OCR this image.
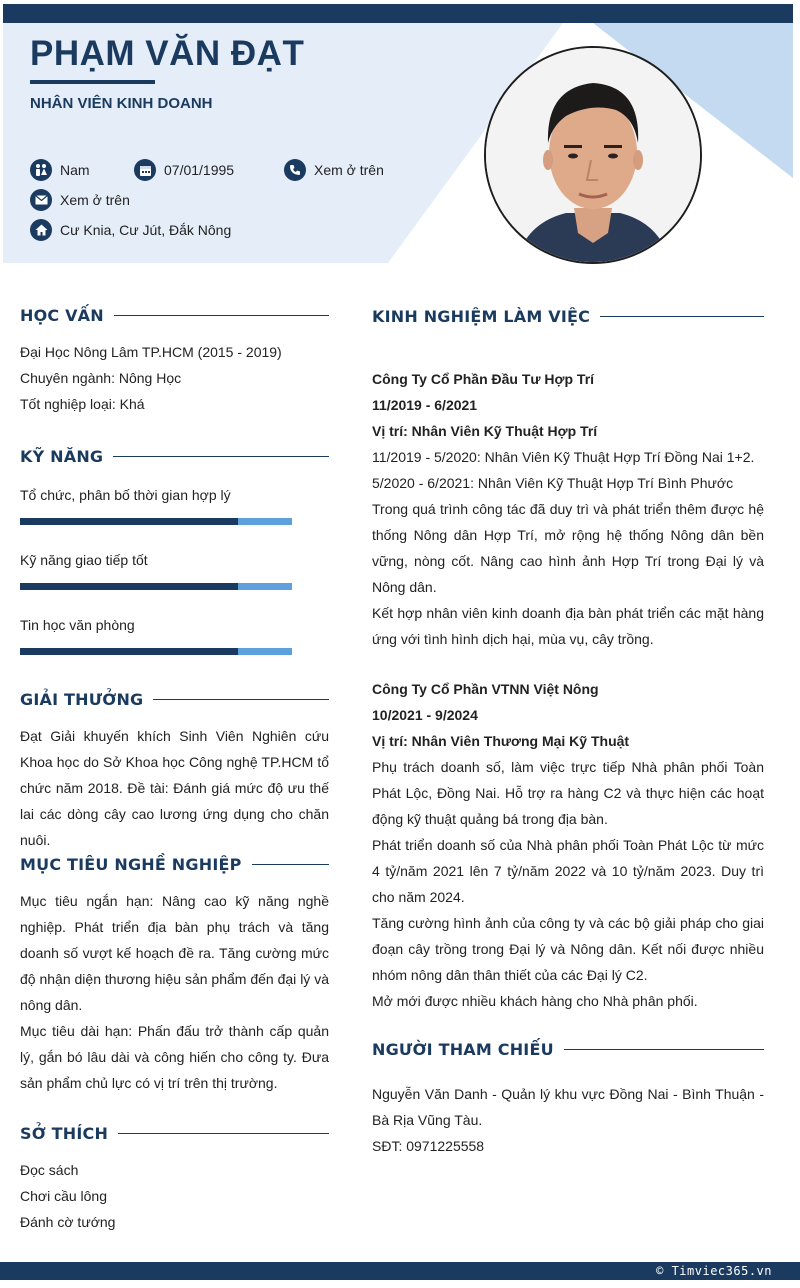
PHẠM VĂN ĐẠT
NHÂN VIÊN KINH DOANH
Nam	07/01/1995	Xem ở trên
Xem ở trên
Cư Knia, Cư Jút, Đắk Nông
HỌC VẤN

Đại Học Nông Lâm TP.HCM (2015 - 2019)

Chuyên ngành: Nông Học

Tốt nghiệp loại: Khá

KỸ NĂNG
Tổ chức, phân bố thời gian hợp lý
Kỹ năng giao tiếp tốt
Tin học văn phòng
GIẢI THƯỞNG
Đạt Giải khuyến khích Sinh Viên Nghiên cứu Khoa học do Sở Khoa học Công nghệ TP.HCM tổ chức năm 2018. Đề tài: Đánh giá mức độ ưu thế lai các dòng cây cao lương ứng dụng cho chăn nuôi.
MỤC TIÊU NGHỀ NGHIỆP

Mục tiêu ngắn hạn: Nâng cao kỹ năng nghề nghiệp. Phát triển địa bàn phụ trách và tăng doanh số vượt kế hoạch đề ra. Tăng cường mức độ nhận diện thương hiệu sản phẩm đến đại lý và nông dân.

Mục tiêu dài hạn: Phấn đấu trở thành cấp quản lý, gắn bó lâu dài và công hiến cho công ty. Đưa sản phẩm chủ lực có vị trí trên thị trường.

SỞ THÍCH

Đọc sách

Chơi cầu lông

Đánh cờ tướng

KINH NGHIỆM LÀM VIỆC

Công Ty Cổ Phần Đầu Tư Hợp Trí

11/2019 - 6/2021

Vị trí: Nhân Viên Kỹ Thuật Hợp Trí

11/2019 - 5/2020: Nhân Viên Kỹ Thuật Hợp Trí Đồng Nai 1+2.

5/2020 - 6/2021: Nhân Viên Kỹ Thuật Hợp Trí Bình Phước

Trong quá trình công tác đã duy trì và phát triển thêm được hệ thống Nông dân Hợp Trí, mở rộng hệ thống Nông dân bền vững, nòng cốt. Nâng cao hình ảnh Hợp Trí trong Đại lý và Nông dân.

Kết hợp nhân viên kinh doanh địa bàn phát triển các mặt hàng ứng với tình hình dịch hại, mùa vụ, cây trồng.

Công Ty Cổ Phần VTNN Việt Nông

10/2021 - 9/2024

Vị trí: Nhân Viên Thương Mại Kỹ Thuật

Phụ trách doanh số, làm việc trực tiếp Nhà phân phối Toàn Phát Lộc, Đồng Nai. Hỗ trợ ra hàng C2 và thực hiện các hoạt động kỹ thuật quảng bá trong địa bàn.

Phát triển doanh số của Nhà phân phối Toàn Phát Lộc từ mức 4 tỷ/năm 2021 lên 7 tỷ/năm 2022 và 10 tỷ/năm 2023. Duy trì cho năm 2024.

Tăng cường hình ảnh của công ty và các bộ giải pháp cho giai đoạn cây trồng trong Đại lý và Nông dân. Kết nối được nhiều nhóm nông dân thân thiết của các Đại lý C2.

Mở mới được nhiều khách hàng cho Nhà phân phối.

NGƯỜI THAM CHIẾU

Nguyễn Văn Danh - Quản lý khu vực Đồng Nai - Bình Thuận - Bà Rịa Vũng Tàu.

SĐT: 0971225558

© Timviec365.vn
